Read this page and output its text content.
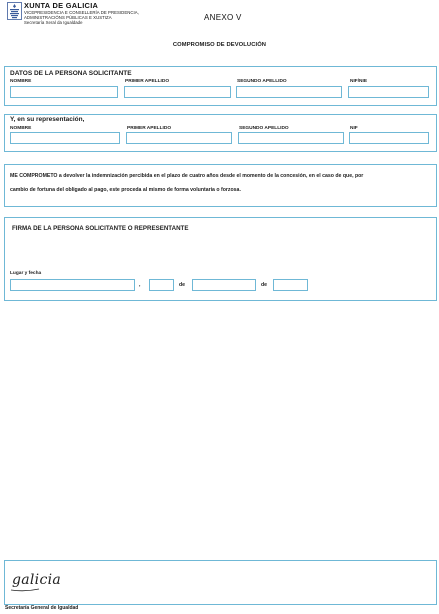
XUNTA DE GALICIA
VICEPRESIDENCIA E CONSELLERÍA DE PRESIDENCIA,
ADMINISTRACIÓNS PÚBLICAS E XUSTIZA
Secretaría Xeral da Igualdade
ANEXO V
COMPROMISO DE DEVOLUCIÓN
DATOS DE LA PERSONA SOLICITANTE
NOMBRE	PRIMER APELLIDO	SEGUNDO APELLIDO	NIF/NIE
Y, en su representación,
NOMBRE	PRIMER APELLIDO	SEGUNDO APELLIDO	NIF
ME COMPROMETO a devolver la indemnización percibida en el plazo de cuatro años desde el momento de la concesión, en el caso de que, por
cambio de fortuna del obligado al pago, este proceda al mismo de forma voluntaria o forzosa.
FIRMA DE LA PERSONA SOLICITANTE O REPRESENTANTE
Lugar y fecha
,	de	de
galicia
Secretaría General de Igualdad
